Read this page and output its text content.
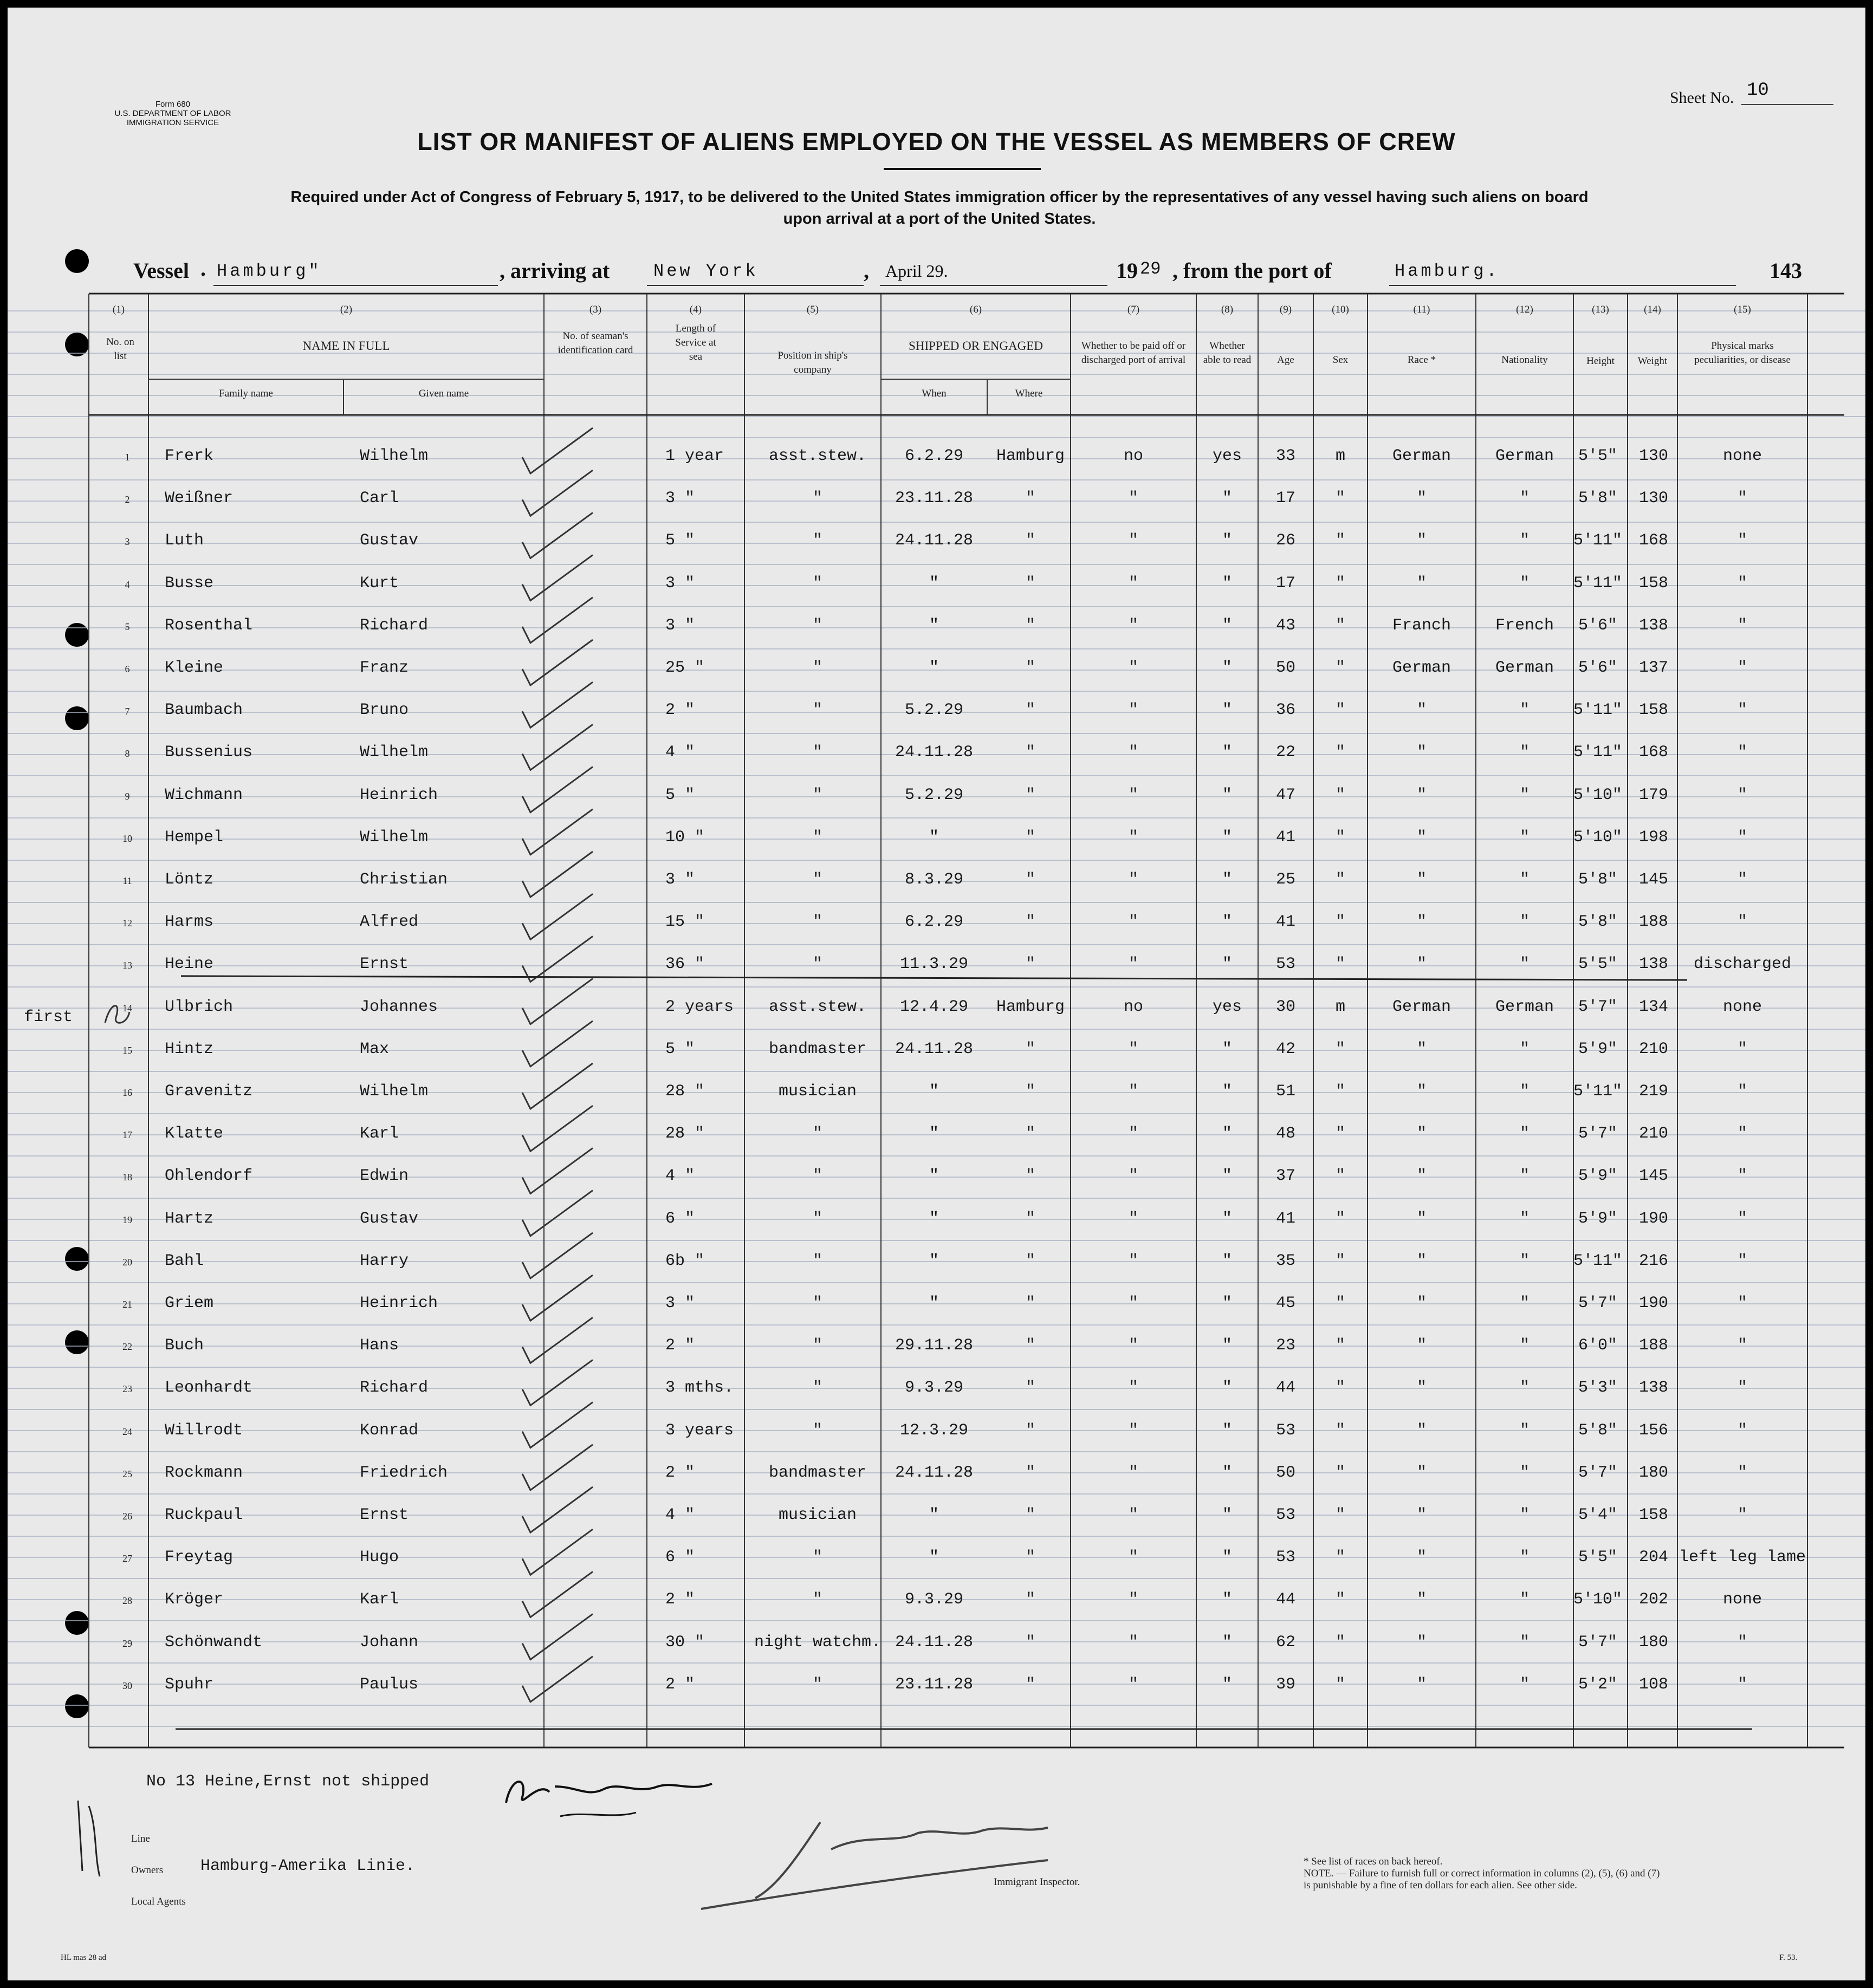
Form 680
U.S. DEPARTMENT OF LABOR
IMMIGRATION SERVICE
Sheet No. 10
LIST OR MANIFEST OF ALIENS EMPLOYED ON THE VESSEL AS MEMBERS OF CREW
Required under Act of Congress of February 5, 1917, to be delivered to the United States immigration officer by the representatives of any vessel having such aliens on board
upon arrival at a port of the United States.
Vessel . Hamburg"	, arriving at	New York	, April 29.	19 29 , from the port of	Hamburg.	143
(1)
No. on list
(2)
NAME IN FULL
Family name	Given name
(3)
No. of seaman's identification card
(4)
Length of Service at sea
(5)
Position in ship's company
(6)
SHIPPED OR ENGAGED
When	Where
(7)
Whether to be paid off or discharged port of arrival
(8)
Whether able to read
(9)
Age
(10)
Sex
(11)
Race *
(12)
Nationality
(13)
Height
(14)
Weight
(15)
Physical marks peculiarities, or disease
1	Frerk	Wilhelm	1 year	asst.stew.	6.2.29	Hamburg	no	yes	33	m	German	German	5'5"	130	none
2	Weißner	Carl	3 "	"	23.11.28	"	"	"	17	"	"	"	5'8"	130	"
3	Luth	Gustav	5 "	"	24.11.28	"	"	"	26	"	"	"	5'11"	168	"
4	Busse	Kurt	3 "	"	"	"	"	"	17	"	"	"	5'11"	158	"
5	Rosenthal	Richard	3 "	"	"	"	"	"	43	"	Franch	French	5'6"	138	"
6	Kleine	Franz	25 "	"	"	"	"	"	50	"	German	German	5'6"	137	"
7	Baumbach	Bruno	2 "	"	5.2.29	"	"	"	36	"	"	"	5'11"	158	"
8	Bussenius	Wilhelm	4 "	"	24.11.28	"	"	"	22	"	"	"	5'11"	168	"
9	Wichmann	Heinrich	5 "	"	5.2.29	"	"	"	47	"	"	"	5'10"	179	"
10	Hempel	Wilhelm	10 "	"	"	"	"	"	41	"	"	"	5'10"	198	"
11	Löntz	Christian	3 "	"	8.3.29	"	"	"	25	"	"	"	5'8"	145	"
12	Harms	Alfred	15 "	"	6.2.29	"	"	"	41	"	"	"	5'8"	188	"
13	Heine	Ernst	36 "	"	11.3.29	"	"	"	53	"	"	"	5'5"	138	discharged
14	Ulbrich	Johannes	2 years	asst.stew.	12.4.29	Hamburg	no	yes	30	m	German	German	5'7"	134	none
15	Hintz	Max	5 "	bandmaster	24.11.28	"	"	"	42	"	"	"	5'9"	210	"
16	Gravenitz	Wilhelm	28 "	musician	"	"	"	"	51	"	"	"	5'11"	219	"
17	Klatte	Karl	28 "	"	"	"	"	"	48	"	"	"	5'7"	210	"
18	Ohlendorf	Edwin	4 "	"	"	"	"	"	37	"	"	"	5'9"	145	"
19	Hartz	Gustav	6 "	"	"	"	"	"	41	"	"	"	5'9"	190	"
20	Bahl	Harry	6b "	"	"	"	"	"	35	"	"	"	5'11"	216	"
21	Griem	Heinrich	3 "	"	"	"	"	"	45	"	"	"	5'7"	190	"
22	Buch	Hans	2 "	"	29.11.28	"	"	"	23	"	"	"	6'0"	188	"
23	Leonhardt	Richard	3 mths.	"	9.3.29	"	"	"	44	"	"	"	5'3"	138	"
24	Willrodt	Konrad	3 years	"	12.3.29	"	"	"	53	"	"	"	5'8"	156	"
25	Rockmann	Friedrich	2 "	bandmaster	24.11.28	"	"	"	50	"	"	"	5'7"	180	"
26	Ruckpaul	Ernst	4 "	musician	"	"	"	"	53	"	"	"	5'4"	158	"
27	Freytag	Hugo	6 "	"	"	"	"	"	53	"	"	"	5'5"	204 left leg lame
28	Kröger	Karl	2 "	"	9.3.29	"	"	"	44	"	"	"	5'10"	202	none
29	Schönwandt	Johann	30 "	night watchm. 24.11.28	"	"	"	62	"	"	"	5'7"	180	"
30	Spuhr	Paulus	2 "	"	23.11.28	"	"	"	39	"	"	"	5'2"	108	"
first
No 13 Heine,Ernst not shipped
Line
Owners Hamburg-Amerika Linie.
Local Agents
Immigrant Inspector.
* See list of races on back hereof.
NOTE. — Failure to furnish full or correct information in columns (2), (5), (6) and (7)
is punishable by a fine of ten dollars for each alien. See other side.
HL mas 28 ad	F. 53.
